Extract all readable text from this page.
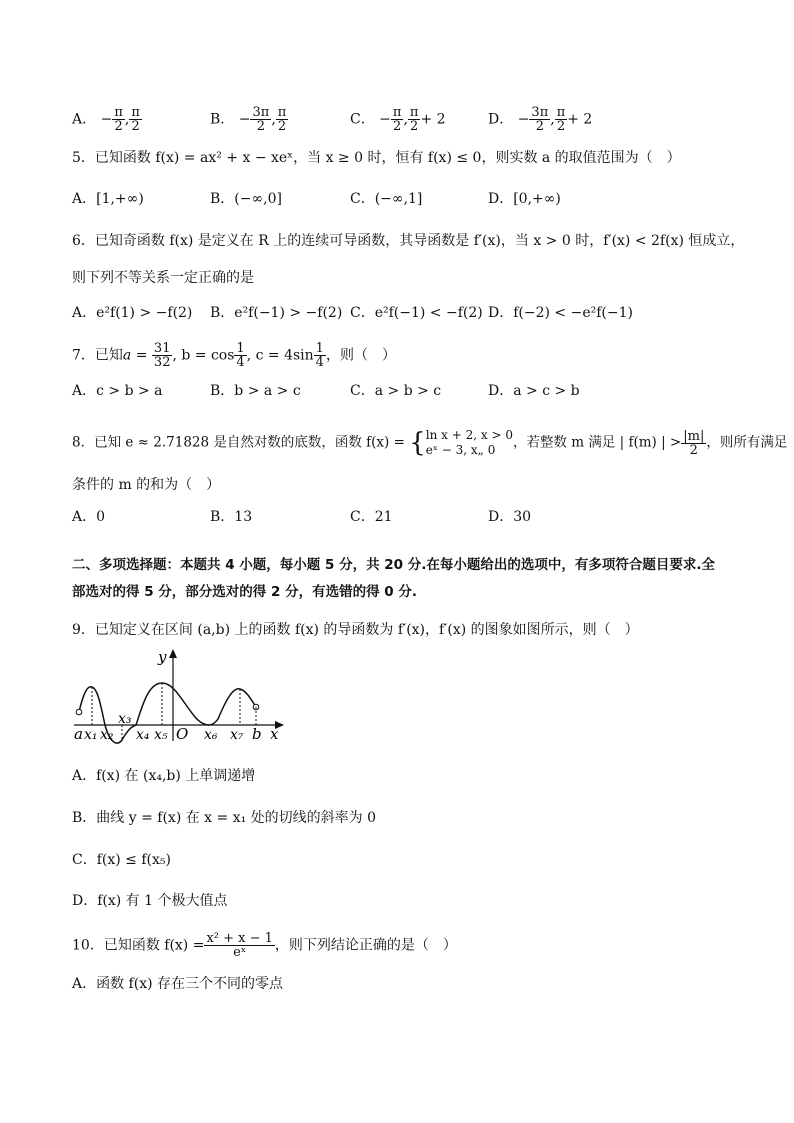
A． − $\frac{\pi}{2}$ , $\frac{\pi}{2}$	B． − $\frac{3\pi}{2}$ , $\frac{\pi}{2}$	C． − $\frac{\pi}{2}$ , $\frac{\pi}{2} + 2$	D． − $\frac{3\pi}{2}$ , $\frac{\pi}{2} + 2$
5．已知函数 f(x) = ax² + x − xeˣ，当 x ≥ 0 时，恒有 f(x) ≤ 0，则实数 a 的取值范围为（　）
A．[1,+∞)	B．(−∞,0]	C．(−∞,1]	D．[0,+∞)
6．已知奇函数 f(x) 是定义在 R 上的连续可导函数，其导函数是 f′(x)，当 x > 0 时，f′(x) < 2f(x) 恒成立，
则下列不等关系一定正确的是
A．e²f(1) > −f(2) B．e²f(−1) > −f(2) C．e²f(−1) < −f(2) D．f(−2) < −e²f(−1)
7．已知$a = \frac{31}{32}$ , $b = \cos \frac{1}{4}$ , $c = 4\sin \frac{1}{4}$ ，则（　）
A．c > b > a	B．b > a > c	C．a > b > c	D．a > c > b
8．已知 e ≈ 2.71828 是自然对数的底数，函数 f(x) = { ln x + 2, x > 0
eˣ − 3, x„ 0	，若整数 m 满足 | f(m) | > $\frac{|m|}{2}$ ，则所有满足
条件的 m 的和为（　）
A．0	B．13	C．21	D．30
二、多项选择题：本题共 4 小题，每小题 5 分，共 20 分.在每小题给出的选项中，有多项符合题目要求.全
部选对的得 5 分，部分选对的得 2 分，有选错的得 0 分.
9．已知定义在区间 (a,b) 上的函数 f(x) 的导函数为 f′(x)，f′(x) 的图象如图所示，则（　）
y
x
O
a x₁ x₂
x₃
x₄ x₅	x₆ x₇ b
A．f(x) 在 (x₄,b) 上单调递增
B．曲线 y = f(x) 在 x = x₁ 处的切线的斜率为 0
C．f(x) ≤ f(x₅)
D．f(x) 有 1 个极大值点
10．已知函数 $f(x) = \frac{\text{x² + x − 1}}{\text{eˣ}}$ ，则下列结论正确的是（　）
A．函数 f(x) 存在三个不同的零点
